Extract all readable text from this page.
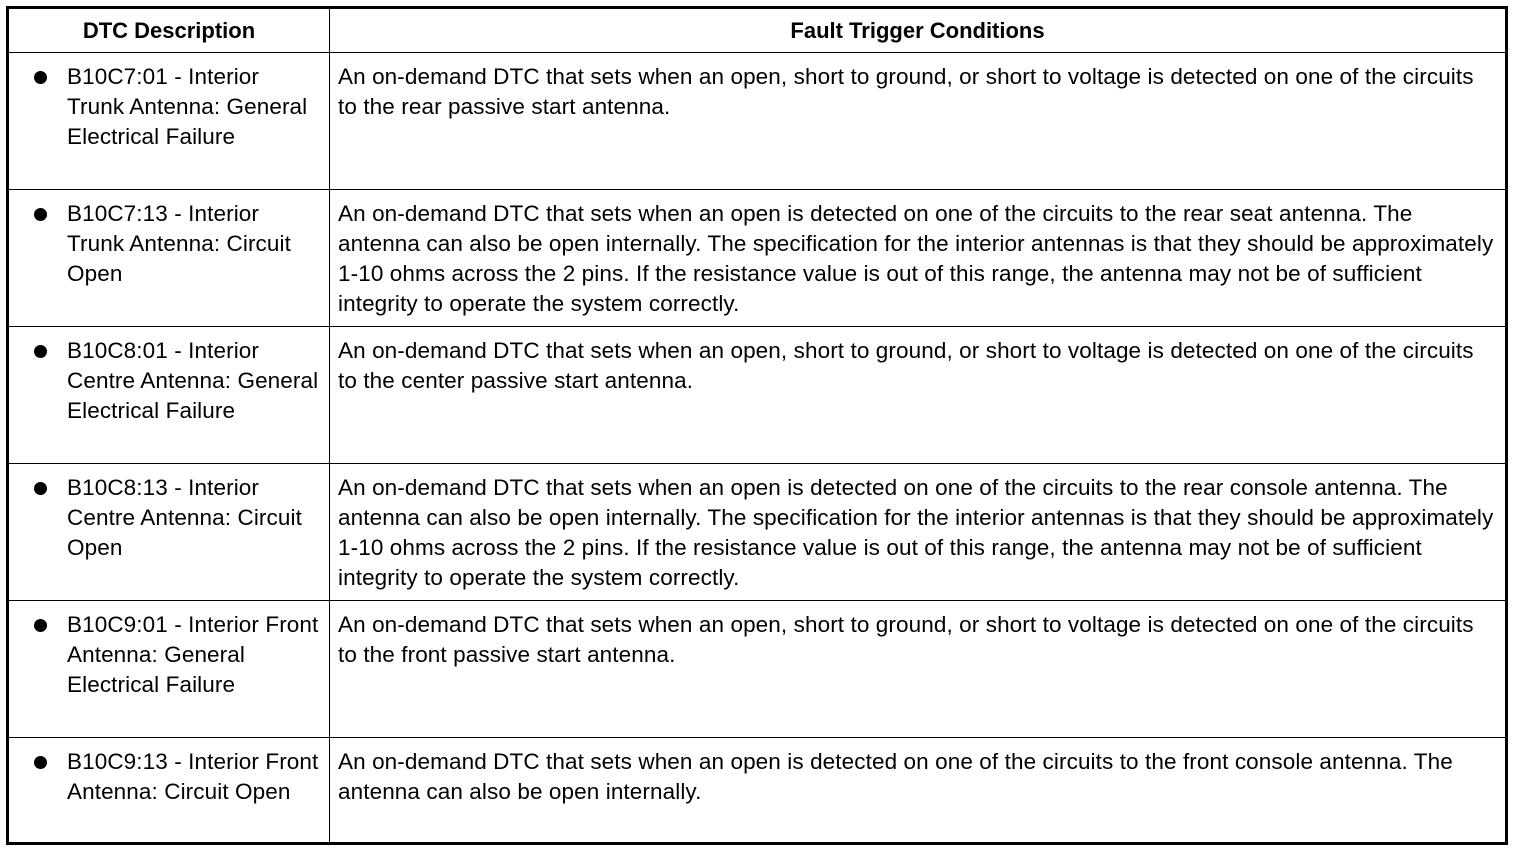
DTC Description	Fault Trigger Conditions

B10C7:01 - Interior Trunk Antenna: General Electrical Failure	An on-demand DTC that sets when an open, short to ground, or short to voltage is detected on one of the circuits to the rear passive start antenna.

B10C7:13 - Interior Trunk Antenna: Circuit Open	An on-demand DTC that sets when an open is detected on one of the circuits to the rear seat antenna. The antenna can also be open internally. The specification for the interior antennas is that they should be approximately 1-10 ohms across the 2 pins. If the resistance value is out of this range, the antenna may not be of sufficient integrity to operate the system correctly.

B10C8:01 - Interior Centre Antenna: General Electrical Failure	An on-demand DTC that sets when an open, short to ground, or short to voltage is detected on one of the circuits to the center passive start antenna.

B10C8:13 - Interior Centre Antenna: Circuit Open	An on-demand DTC that sets when an open is detected on one of the circuits to the rear console antenna. The antenna can also be open internally. The specification for the interior antennas is that they should be approximately 1-10 ohms across the 2 pins. If the resistance value is out of this range, the antenna may not be of sufficient integrity to operate the system correctly.

B10C9:01 - Interior Front Antenna: General Electrical Failure	An on-demand DTC that sets when an open, short to ground, or short to voltage is detected on one of the circuits to the front passive start antenna.

B10C9:13 - Interior Front Antenna: Circuit Open	An on-demand DTC that sets when an open is detected on one of the circuits to the front console antenna. The antenna can also be open internally.
